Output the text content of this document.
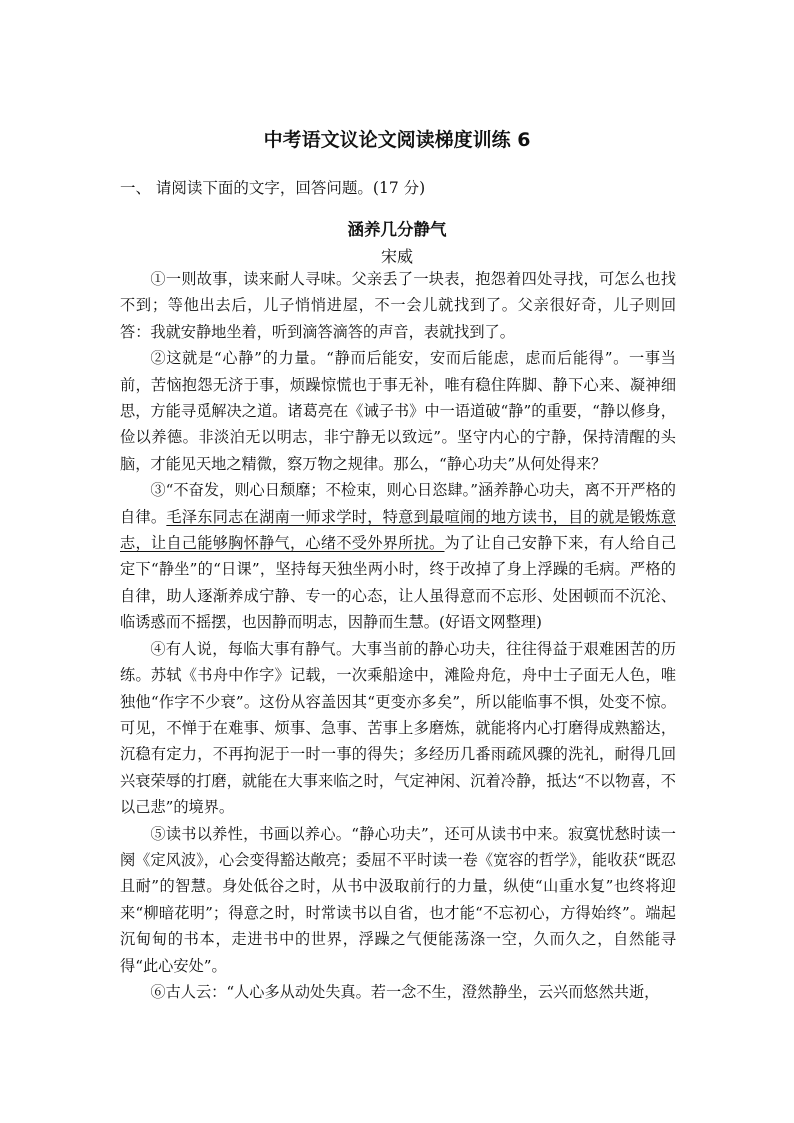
中考语文议论文阅读梯度训练 6
一、 请阅读下面的文字，回答问题。(17 分)
涵养几分静气
宋威

①一则故事，读来耐人寻味。父亲丢了一块表，抱怨着四处寻找，可怎么也找不到；等他出去后，儿子悄悄进屋，不一会儿就找到了。父亲很好奇，儿子则回答：我就安静地坐着，听到滴答滴答的声音，表就找到了。

②这就是“心静”的力量。“静而后能安，安而后能虑，虑而后能得”。一事当前，苦恼抱怨无济于事，烦躁惊慌也于事无补，唯有稳住阵脚、静下心来、凝神细思，方能寻觅解决之道。诸葛亮在《诫子书》中一语道破“静”的重要，“静以修身，俭以养德。非淡泊无以明志，非宁静无以致远”。坚守内心的宁静，保持清醒的头脑，才能见天地之精微，察万物之规律。那么，“静心功夫”从何处得来？

③“不奋发，则心日颓靡；不检束，则心日恣肆。”涵养静心功夫，离不开严格的自律。毛泽东同志在湖南一师求学时，特意到最喧闹的地方读书，目的就是锻炼意志，让自己能够胸怀静气，心绪不受外界所扰。为了让自己安静下来，有人给自己定下“静坐”的“日课”，坚持每天独坐两小时，终于改掉了身上浮躁的毛病。严格的自律，助人逐渐养成宁静、专一的心态，让人虽得意而不忘形、处困顿而不沉沦、临诱惑而不摇摆，也因静而明志，因静而生慧。(好语文网整理)

④有人说，每临大事有静气。大事当前的静心功夫，往往得益于艰难困苦的历练。苏轼《书舟中作字》记载，一次乘船途中，滩险舟危，舟中士子面无人色，唯独他“作字不少衰”。这份从容盖因其“更变亦多矣”，所以能临事不惧，处变不惊。可见，不惮于在难事、烦事、急事、苦事上多磨炼，就能将内心打磨得成熟豁达，沉稳有定力，不再拘泥于一时一事的得失；多经历几番雨疏风骤的洗礼，耐得几回兴衰荣辱的打磨，就能在大事来临之时，气定神闲、沉着冷静，抵达“不以物喜，不以己悲”的境界。

⑤读书以养性，书画以养心。“静心功夫”，还可从读书中来。寂寞忧愁时读一阕《定风波》，心会变得豁达敞亮；委屈不平时读一卷《宽容的哲学》，能收获“既忍且耐”的智慧。身处低谷之时，从书中汲取前行的力量，纵使“山重水复”也终将迎来“柳暗花明”；得意之时，时常读书以自省，也才能“不忘初心，方得始终”。端起沉甸甸的书本，走进书中的世界，浮躁之气便能荡涤一空，久而久之，自然能寻得“此心安处”。

⑥古人云：“人心多从动处失真。若一念不生，澄然静坐，云兴而悠然共逝，
